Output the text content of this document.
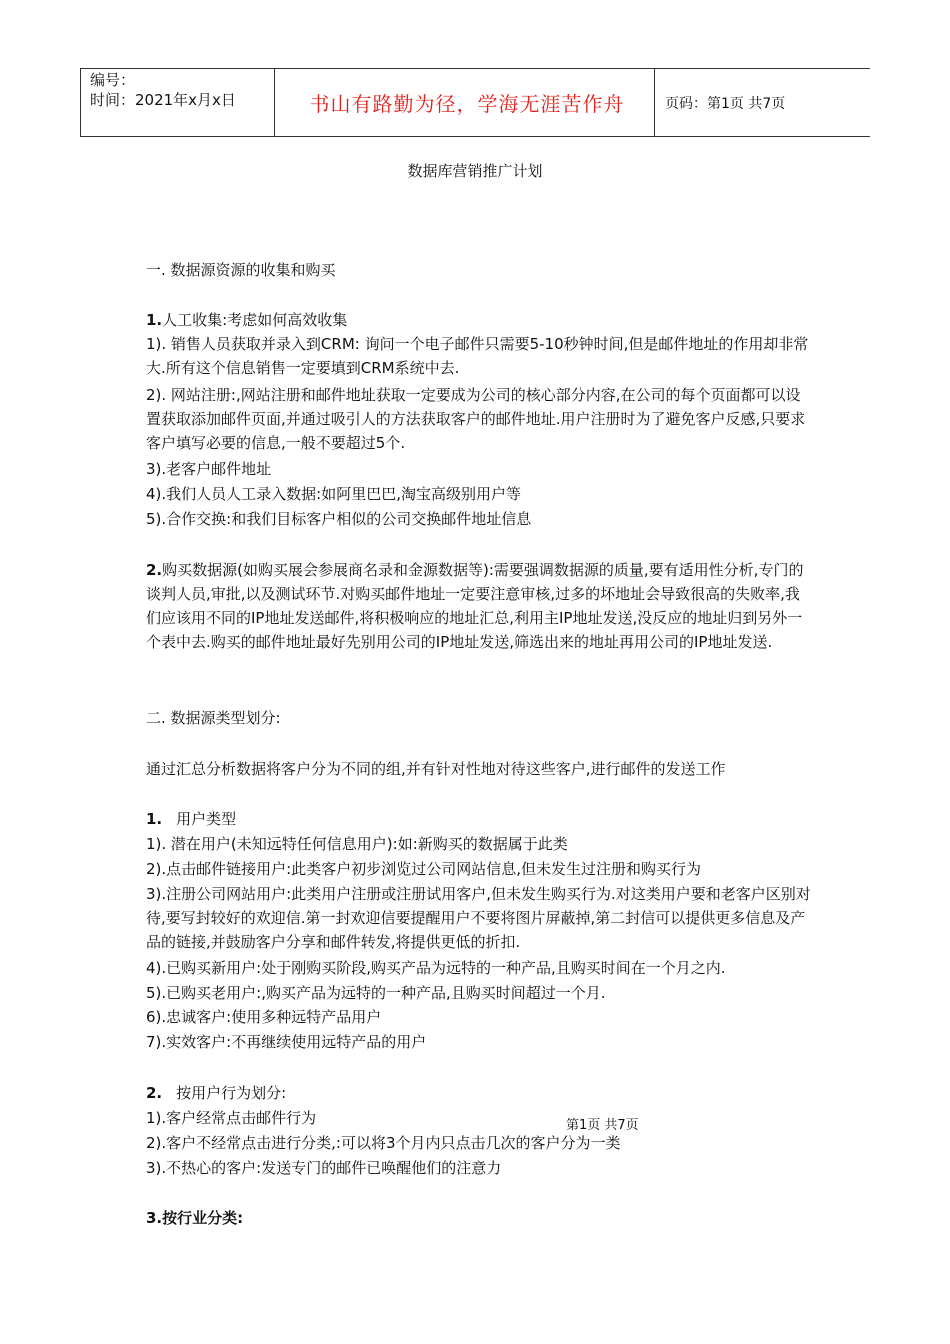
编号：
时间：2021年x月x日	书山有路勤为径，学海无涯苦作舟	页码：第1页 共7页
数据库营销推广计划
一. 数据源资源的收集和购买
1.人工收集:考虑如何高效收集
1). 销售人员获取并录入到CRM: 询问一个电子邮件只需要5-10秒钟时间,但是邮件地址的作用却非常大.所有这个信息销售一定要填到CRM系统中去.
2). 网站注册:,网站注册和邮件地址获取一定要成为公司的核心部分内容,在公司的每个页面都可以设置获取添加邮件页面,并通过吸引人的方法获取客户的邮件地址.用户注册时为了避免客户反感,只要求客户填写必要的信息,一般不要超过5个.
3).老客户邮件地址
4).我们人员人工录入数据:如阿里巴巴,淘宝高级别用户等
5).合作交换:和我们目标客户相似的公司交换邮件地址信息
2.购买数据源(如购买展会参展商名录和金源数据等):需要强调数据源的质量,要有适用性分析,专门的谈判人员,审批,以及测试环节.对购买邮件地址一定要注意审核,过多的坏地址会导致很高的失败率,我们应该用不同的IP地址发送邮件,将积极响应的地址汇总,利用主IP地址发送,没反应的地址归到另外一个表中去.购买的邮件地址最好先别用公司的IP地址发送,筛选出来的地址再用公司的IP地址发送.
二. 数据源类型划分:
通过汇总分析数据将客户分为不同的组,并有针对性地对待这些客户,进行邮件的发送工作
1. 用户类型
1). 潜在用户(未知远特任何信息用户):如:新购买的数据属于此类
2).点击邮件链接用户:此类客户初步浏览过公司网站信息,但未发生过注册和购买行为
3).注册公司网站用户:此类用户注册或注册试用客户,但未发生购买行为.对这类用户要和老客户区别对待,要写封较好的欢迎信.第一封欢迎信要提醒用户不要将图片屏蔽掉,第二封信可以提供更多信息及产品的链接,并鼓励客户分享和邮件转发,将提供更低的折扣.
4).已购买新用户:处于刚购买阶段,购买产品为远特的一种产品,且购买时间在一个月之内.
5).已购买老用户:,购买产品为远特的一种产品,且购买时间超过一个月.
6).忠诚客户:使用多种远特产品用户
7).实效客户:不再继续使用远特产品的用户
2. 按用户行为划分:
1).客户经常点击邮件行为
2).客户不经常点击进行分类,:可以将3个月内只点击几次的客户分为一类
3).不热心的客户:发送专门的邮件已唤醒他们的注意力
第1页 共7页
3.按行业分类:
